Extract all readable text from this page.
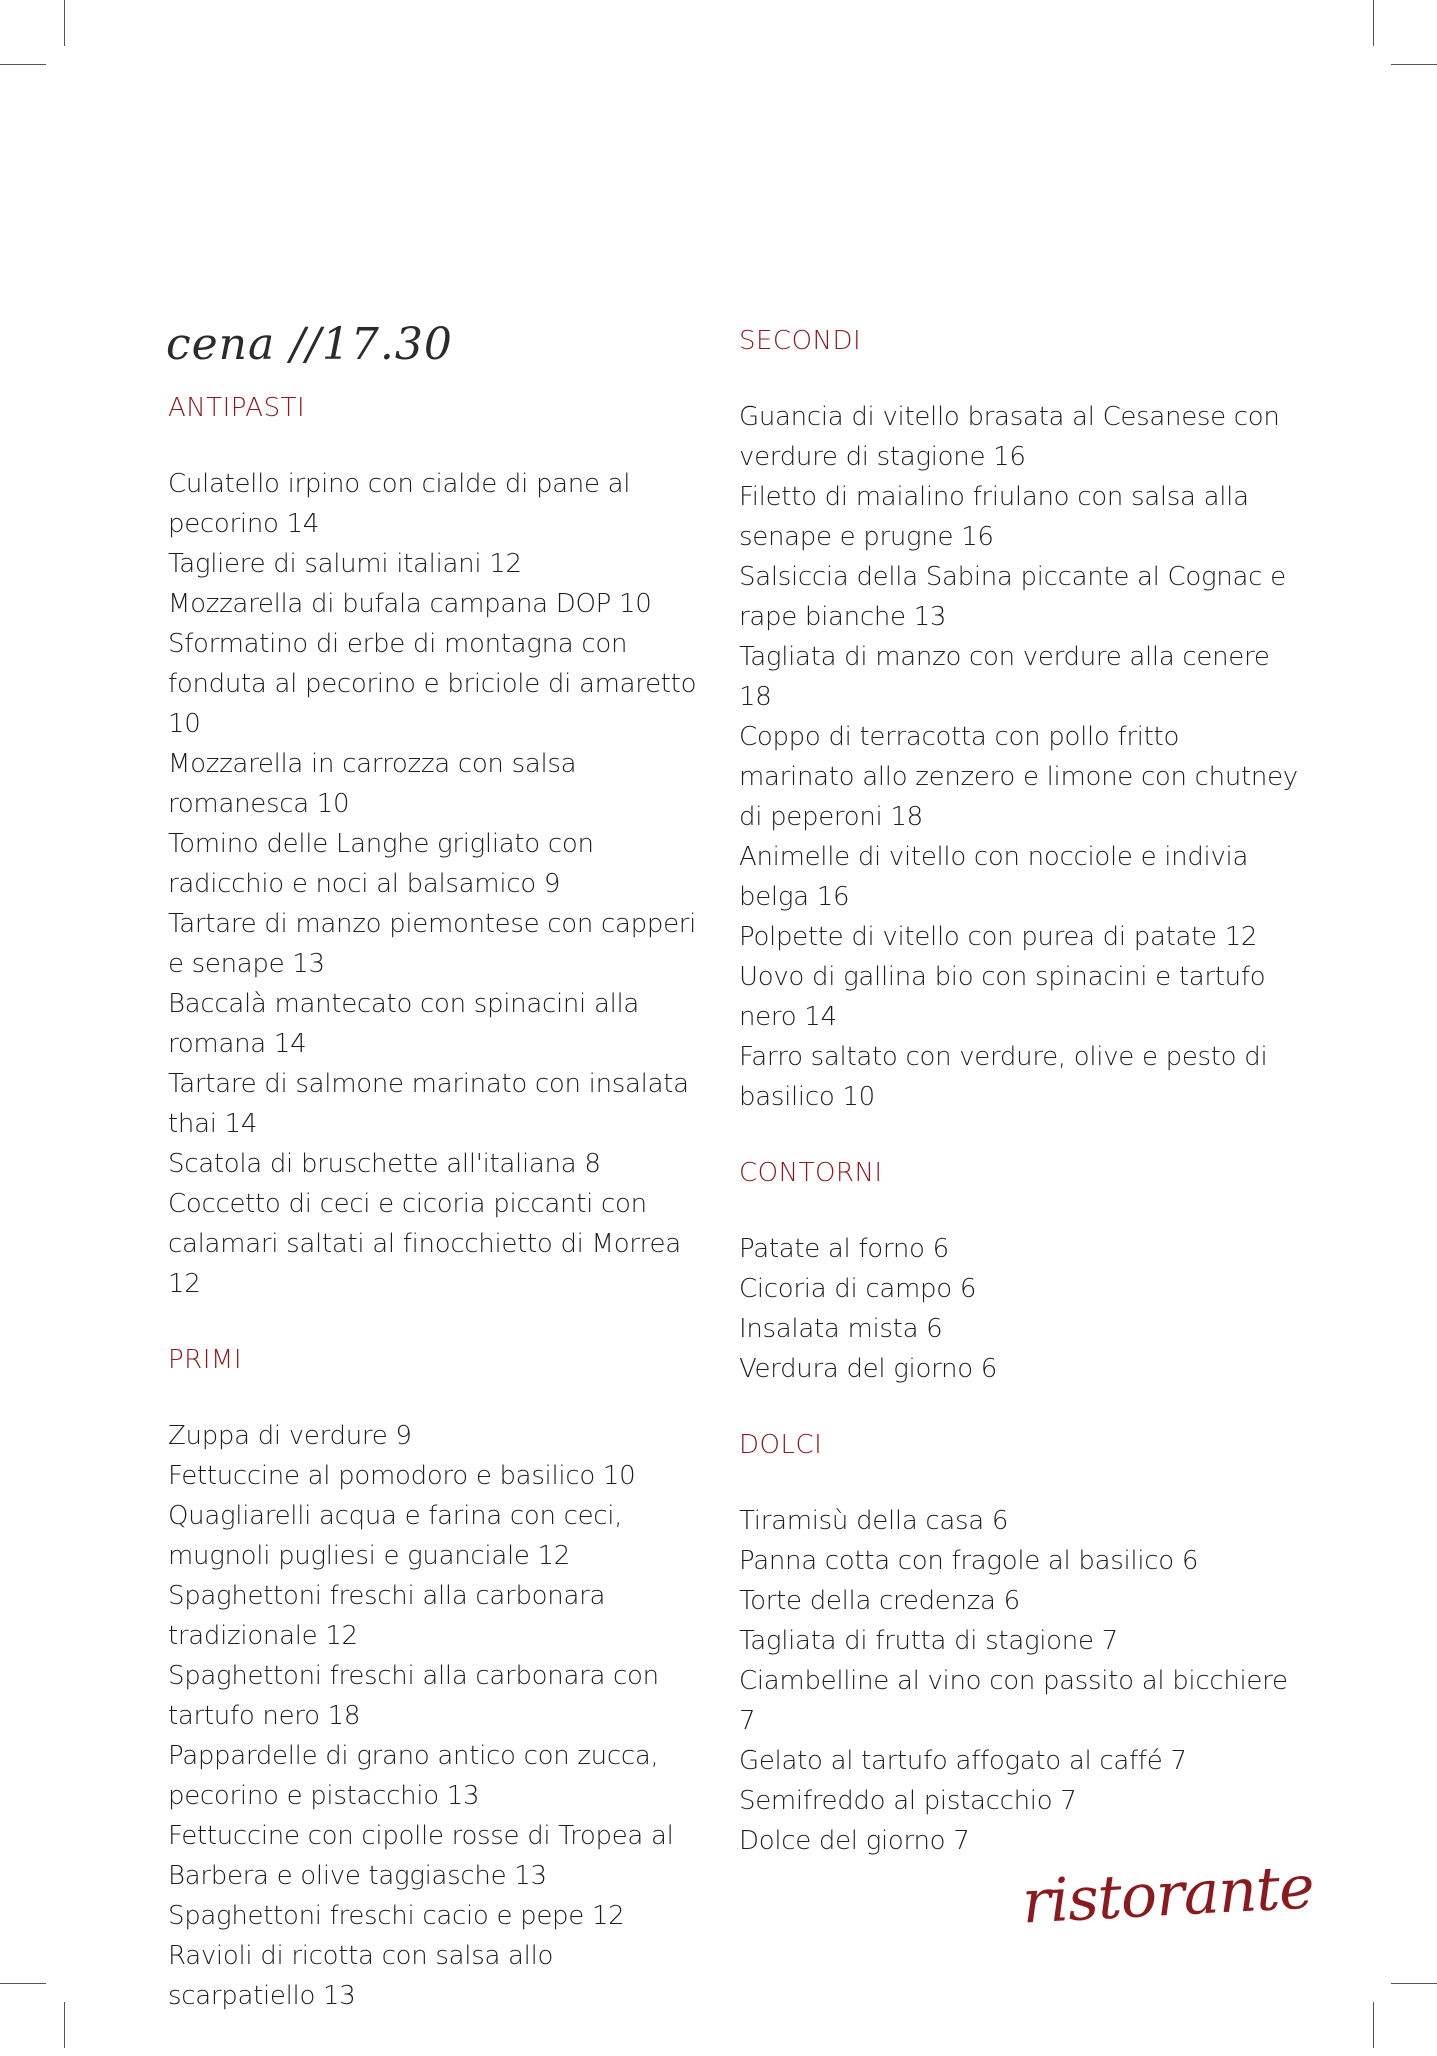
cena //17.30
ANTIPASTI
Culatello irpino con cialde di pane al pecorino 14
Tagliere di salumi italiani 12
Mozzarella di bufala campana DOP 10
Sformatino di erbe di montagna con fonduta al pecorino e briciole di amaretto 10
Mozzarella in carrozza con salsa romanesca 10
Tomino delle Langhe grigliato con radicchio e noci al balsamico 9
Tartare di manzo piemontese con capperi e senape 13
Baccalà mantecato con spinacini alla romana 14
Tartare di salmone marinato con insalata thai 14
Scatola di bruschette all'italiana 8
Coccetto di ceci e cicoria piccanti con calamari saltati al finocchietto di Morrea 12
PRIMI
Zuppa di verdure 9
Fettuccine al pomodoro e basilico 10
Quagliarelli acqua e farina con ceci, mugnoli pugliesi e guanciale 12
Spaghettoni freschi alla carbonara tradizionale 12
Spaghettoni freschi alla carbonara con tartufo nero 18
Pappardelle di grano antico con zucca, pecorino e pistacchio 13
Fettuccine con cipolle rosse di Tropea al Barbera e olive taggiasche 13
Spaghettoni freschi cacio e pepe 12
Ravioli di ricotta con salsa allo scarpatiello 13
SECONDI
Guancia di vitello brasata al Cesanese con verdure di stagione 16
Filetto di maialino friulano con salsa alla senape e prugne 16
Salsiccia della Sabina piccante al Cognac e rape bianche 13
Tagliata di manzo con verdure alla cenere 18
Coppo di terracotta con pollo fritto marinato allo zenzero e limone con chutney di peperoni 18
Animelle di vitello con nocciole e indivia belga 16
Polpette di vitello con purea di patate 12
Uovo di gallina bio con spinacini e tartufo nero 14
Farro saltato con verdure, olive e pesto di basilico 10
CONTORNI
Patate al forno 6
Cicoria di campo 6
Insalata mista 6
Verdura del giorno 6
DOLCI
Tiramisù della casa 6
Panna cotta con fragole al basilico 6
Torte della credenza 6
Tagliata di frutta di stagione 7
Ciambelline al vino con passito al bicchiere 7
Gelato al tartufo affogato al caffé 7
Semifreddo al pistacchio 7
Dolce del giorno 7
ristorante
